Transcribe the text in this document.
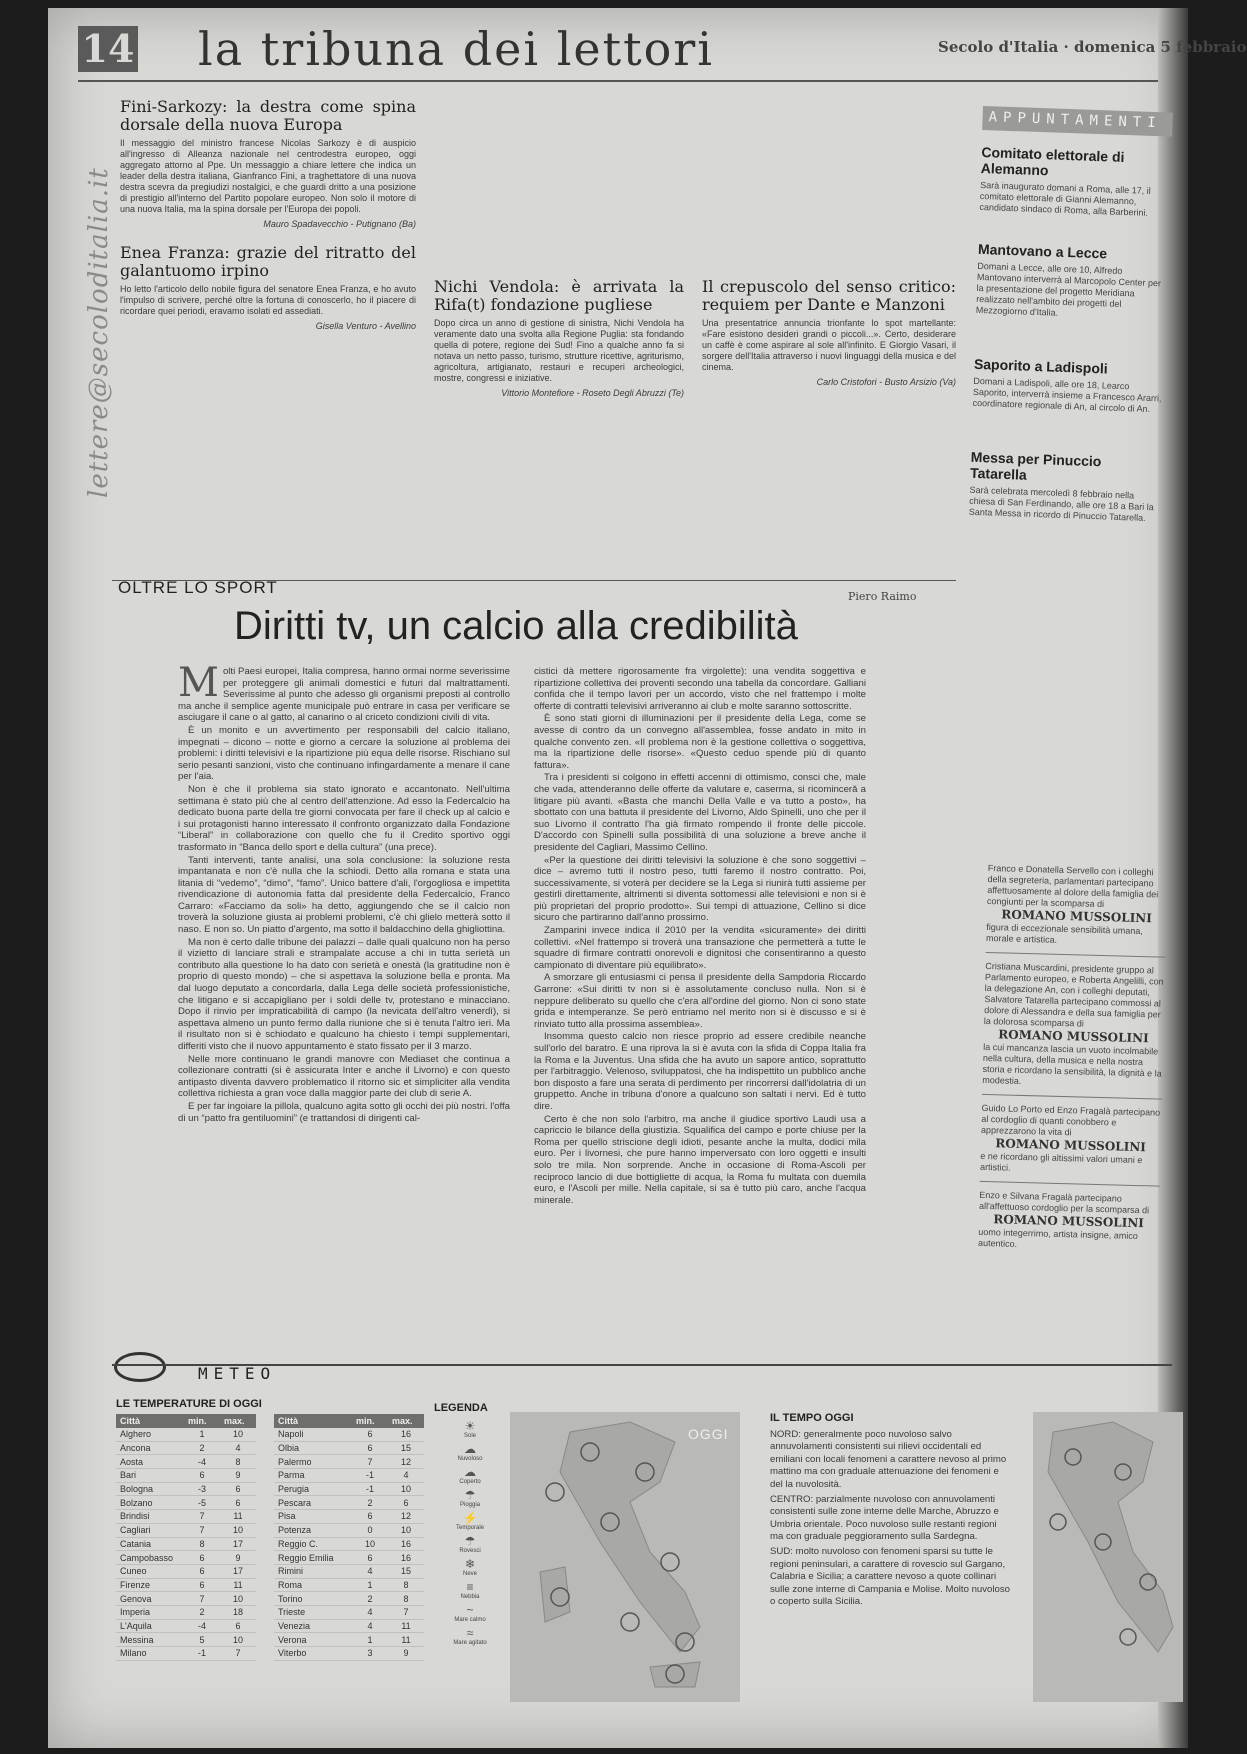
14 la tribuna dei lettori	Secolo d'Italia · domenica 5 febbraio
lettere@secoloditalia.it
Fini-Sarkozy: la destra come spina dorsale della nuova Europa

Il messaggio del ministro francese Nicolas Sarkozy è di auspicio all'ingresso di Alleanza nazionale nel centrodestra europeo, oggi aggregato attorno al Ppe. Un messaggio a chiare lettere che indica un leader della destra italiana, Gianfranco Fini, a traghettatore di una nuova destra scevra da pregiudizi nostalgici, e che guardi dritto a una posizione di prestigio all'interno del Partito popolare europeo. Non solo il motore di una nuova Italia, ma la spina dorsale per l'Europa dei popoli.

Mauro Spadavecchio - Putignano (Ba)
Enea Franza: grazie del ritratto del galantuomo irpino

Ho letto l'articolo dello nobile figura del senatore Enea Franza, e ho avuto l'impulso di scrivere, perché oltre la fortuna di conoscerlo, ho il piacere di ricordare quei periodi, eravamo isolati ed assediati.

Gisella Venturo - Avellino
Nichi Vendola: è arrivata la Rifa(t) fondazione pugliese

Dopo circa un anno di gestione di sinistra, Nichi Vendola ha veramente dato una svolta alla Regione Puglia: sta fondando quella di potere, regione dei Sud! Fino a qualche anno fa si notava un netto passo, turismo, strutture ricettive, agriturismo, agricoltura, artigianato, restauri e recuperi archeologici, mostre, congressi e iniziative.

Vittorio Montefiore - Roseto Degli Abruzzi (Te)
Il crepuscolo del senso critico: requiem per Dante e Manzoni

Una presentatrice annuncia trionfante lo spot martellante: «Fare esistono desideri grandi o piccoli...». Certo, desiderare un caffè è come aspirare al sole all'infinito. E Giorgio Vasari, il sorgere dell'Italia attraverso i nuovi linguaggi della musica e del cinema.

Carlo Cristofori - Busto Arsizio (Va)
APPUNTAMENTI
Comitato elettorale di Alemanno
Sarà inaugurato domani a Roma, alle 17, il comitato elettorale di Gianni Alemanno, candidato sindaco di Roma, alla Barberini.
Mantovano a Lecce
Domani a Lecce, alle ore 10, Alfredo Mantovano interverrà al Marcopolo Center per la presentazione del progetto Meridiana realizzato nell'ambito dei progetti del Mezzogiorno d'Italia.
Saporito a Ladispoli
Domani a Ladispoli, alle ore 18, Learco Saporito, interverrà insieme a Francesco Ararri, coordinatore regionale di An, al circolo di An.
Messa per Pinuccio Tatarella
Sarà celebrata mercoledì 8 febbraio nella chiesa di San Ferdinando, alle ore 18 a Bari la Santa Messa in ricordo di Pinuccio Tatarella.
Franco e Donatella Servello con i colleghi della segreteria, parlamentari partecipano affettuosamente al dolore della famiglia dei congiunti per la scomparsa di
ROMANO MUSSOLINI
figura di eccezionale sensibilità umana, morale e artistica.
Cristiana Muscardini, presidente gruppo al Parlamento europeo, e Roberta Angelilli, con la delegazione An, con i colleghi deputati, Salvatore Tatarella partecipano commossi al dolore di Alessandra e della sua famiglia per la dolorosa scomparsa di
ROMANO MUSSOLINI
la cui mancanza lascia un vuoto incolmabile nella cultura, della musica e nella nostra storia e ricordano la sensibilità, la dignità e la modestia.
Guido Lo Porto ed Enzo Fragalà partecipano al cordoglio di quanti conobbero e apprezzarono la vita di
ROMANO MUSSOLINI
e ne ricordano gli altissimi valori umani e artistici.
Enzo e Silvana Fragalà partecipano all'affettuoso cordoglio per la scomparsa di
ROMANO MUSSOLINI
uomo integerrimo, artista insigne, amico autentico.
OLTRE LO SPORT	Piero Raimo
Diritti tv, un calcio alla credibilità
M olti Paesi europei, Italia compresa, hanno ormai norme severissime per proteggere gli animali domestici e futuri dal maltrattamenti. Severissime al punto che adesso gli organismi preposti al controllo ma anche il semplice agente municipale può entrare in casa per verificare se asciugare il cane o al gatto, al canarino o al criceto condizioni civili di vita.

È un monito e un avvertimento per responsabili del calcio italiano, impegnati – dicono – notte e giorno a cercare la soluzione al problema dei problemi: i diritti televisivi e la ripartizione più equa delle risorse. Rischiano sul serio pesanti sanzioni, visto che continuano infingardamente a menare il cane per l'aia.

Non è che il problema sia stato ignorato e accantonato. Nell'ultima settimana è stato più che al centro dell'attenzione. Ad esso la Federcalcio ha dedicato buona parte della tre giorni convocata per fare il check up al calcio e i sui protagonisti hanno interessato il confronto organizzato dalla Fondazione “Liberal” in collaborazione con quello che fu il Credito sportivo oggi trasformato in “Banca dello sport e della cultura” (una prece).

Tanti interventi, tante analisi, una sola conclusione: la soluzione resta impantanata e non c'è nulla che la schiodi. Detto alla romana e stata una litania di “vedemo”, “dimo”, “famo”. Unico battere d'ali, l'orgogliosa e impettita rivendicazione di autonomia fatta dal presidente della Federcalcio, Franco Carraro: «Facciamo da soli» ha detto, aggiungendo che se il calcio non troverà la soluzione giusta ai problemi problemi, c'è chi glielo metterà sotto il naso. E non so. Un piatto d'argento, ma sotto il baldacchino della ghigliottina.

Ma non è certo dalle tribune dei palazzi – dalle quali qualcuno non ha perso il vizietto di lanciare strali e strampalate accuse a chi in tutta serietà un contributo alla questione lo ha dato con serietà e onestà (la gratitudine non è proprio di questo mondo) – che si aspettava la soluzione bella e pronta. Ma dal luogo deputato a concordarla, dalla Lega delle società professionistiche, che litigano e si accapigliano per i soldi delle tv, protestano e minacciano. Dopo il rinvio per impraticabilità di campo (la nevicata dell'altro venerdì), si aspettava almeno un punto fermo dalla riunione che si è tenuta l'altro ieri. Ma il risultato non si è schiodato e qualcuno ha chiesto i tempi supplementari, differiti visto che il nuovo appuntamento è stato fissato per il 3 marzo.

Nelle more continuano le grandi manovre con Mediaset che continua a collezionare contratti (si è assicurata Inter e anche il Livorno) e con questo antipasto diventa davvero problematico il ritorno sic et simpliciter alla vendita collettiva richiesta a gran voce dalla maggior parte dei club di serie A.

E per far ingoiare la pillola, qualcuno agita sotto gli occhi dei più nostri. l'offa di un “patto fra gentiluomini” (e trattandosi di dirigenti cal-

cistici dà mettere rigorosamente fra virgolette): una vendita soggettiva e ripartizione collettiva dei proventi secondo una tabella da concordare. Galliani confida che il tempo lavori per un accordo, visto che nel frattempo i molte offerte di contratti televisivi arriveranno ai club e molte saranno sottoscritte.

È sono stati giorni di illuminazioni per il presidente della Lega, come se avesse di contro da un convegno all'assemblea, fosse andato in mito in qualche convento zen. «Il problema non è la gestione collettiva o soggettiva, ma la ripartizione delle risorse». «Questo ceduo spende più di quanto fattura».

Tra i presidenti si colgono in effetti accenni di ottimismo, consci che, male che vada, attenderanno delle offerte da valutare e, caserma, si ricominceră a litigare più avanti. «Basta che manchi Della Valle e va tutto a posto», ha sbottato con una battuta il presidente del Livorno, Aldo Spinelli, uno che per il suo Livorno il contratto l'ha già firmato rompendo il fronte delle piccole. D'accordo con Spinelli sulla possibilità di una soluzione a breve anche il presidente del Cagliari, Massimo Cellino.

«Per la questione dei diritti televisivi la soluzione è che sono soggettivi – dice – avremo tutti il nostro peso, tutti faremo il nostro contratto. Poi, successivamente, si voterà per decidere se la Lega si riunirà tutti assieme per gestirli direttamente, altrimenti si diventa sottomessi alle televisioni e non si è più proprietari del proprio prodotto». Sui tempi di attuazione, Cellino si dice sicuro che partiranno dall'anno prossimo.

Zamparini invece indica il 2010 per la vendita «sicuramente» dei diritti collettivi. «Nel frattempo si troverà una transazione che permetterà a tutte le squadre di firmare contratti onorevoli e dignitosi che consentiranno a questo campionato di diventare più equilibrato».

A smorzare gli entusiasmi ci pensa il presidente della Sampdoria Riccardo Garrone: «Sui diritti tv non si è assolutamente concluso nulla. Non si è neppure deliberato su quello che c'era all'ordine del giorno. Non ci sono state grida e intemperanze. Se però entriamo nel merito non si è discusso e si è rinviato tutto alla prossima assemblea».

Insomma questo calcio non riesce proprio ad essere credibile neanche sull'orlo del baratro. E una riprova la si è avuta con la sfida di Coppa Italia fra la Roma e la Juventus. Una sfida che ha avuto un sapore antico, soprattutto per l'arbitraggio. Velenoso, sviluppatosi, che ha indispettito un pubblico anche bon disposto a fare una serata di perdimento per rincorrersi dall'idolatria di un gruppetto. Anche in tribuna d'onore a qualcuno son saltati i nervi. Ed è tutto dire.

Certo è che non solo l'arbitro, ma anche il giudice sportivo Laudi usa a capriccio le bilance della giustizia. Squalifica del campo e porte chiuse per la Roma per quello striscione degli idioti, pesante anche la multa, dodici mila euro. Per i livornesi, che pure hanno imperversato con loro oggetti e insulti solo tre mila. Non sorprende. Anche in occasione di Roma-Ascoli per reciproco lancio di due bottigliette di acqua, la Roma fu multata con duemila euro, e l'Ascoli per mille. Nella capitale, si sa è tutto più caro, anche l'acqua minerale.

METEO
LE TEMPERATURE DI OGGI
Città	min.	max.
Alghero	1	10
Ancona	2	4
Aosta	-4	8
Bari	6	9
Bologna	-3	6
Bolzano	-5	6
Brindisi	7	11
Cagliari	7	10
Catania	8	17
Campobasso	6	9
Cuneo	6	17
Firenze	6	11
Genova	7	10
Imperia	2	18
L'Aquila	-4	6
Messina	5	10
Milano	-1	7
Città	min.	max.
Napoli	6	16
Olbia	6	15
Palermo	7	12
Parma	-1	4
Perugia	-1	10
Pescara	2	6
Pisa	6	12
Potenza	0	10
Reggio C.	10	16
Reggio Emilia	6	16
Rimini	4	15
Roma	1	8
Torino	2	8
Trieste	4	7
Venezia	4	11
Verona	1	11
Viterbo	3	9
LEGENDA
☀
Sole
☁
Nuvoloso
☁
Coperto
☂
Pioggia
⚡
Temporale
☂
Rovesci
❄
Neve
≡
Nebbia
~
Mare calmo
≈
Mare agitato
OGGI
IL TEMPO OGGI

NORD: generalmente poco nuvoloso salvo annuvolamenti consistenti sui rilievi occidentali ed emiliani con locali fenomeni a carattere nevoso al primo mattino ma con graduale attenuazione dei fenomeni e del la nuvolosità.

CENTRO: parzialmente nuvoloso con annuvolamenti consistenti sulle zone interne delle Marche, Abruzzo e Umbria orientale. Poco nuvoloso sulle restanti regioni ma con graduale peggioramento sulla Sardegna.

SUD: molto nuvoloso con fenomeni sparsi su tutte le regioni peninsulari, a carattere di rovescio sul Gargano, Calabria e Sicilia; a carattere nevoso a quote collinari sulle zone interne di Campania e Molise. Molto nuvoloso o coperto sulla Sicilia.
